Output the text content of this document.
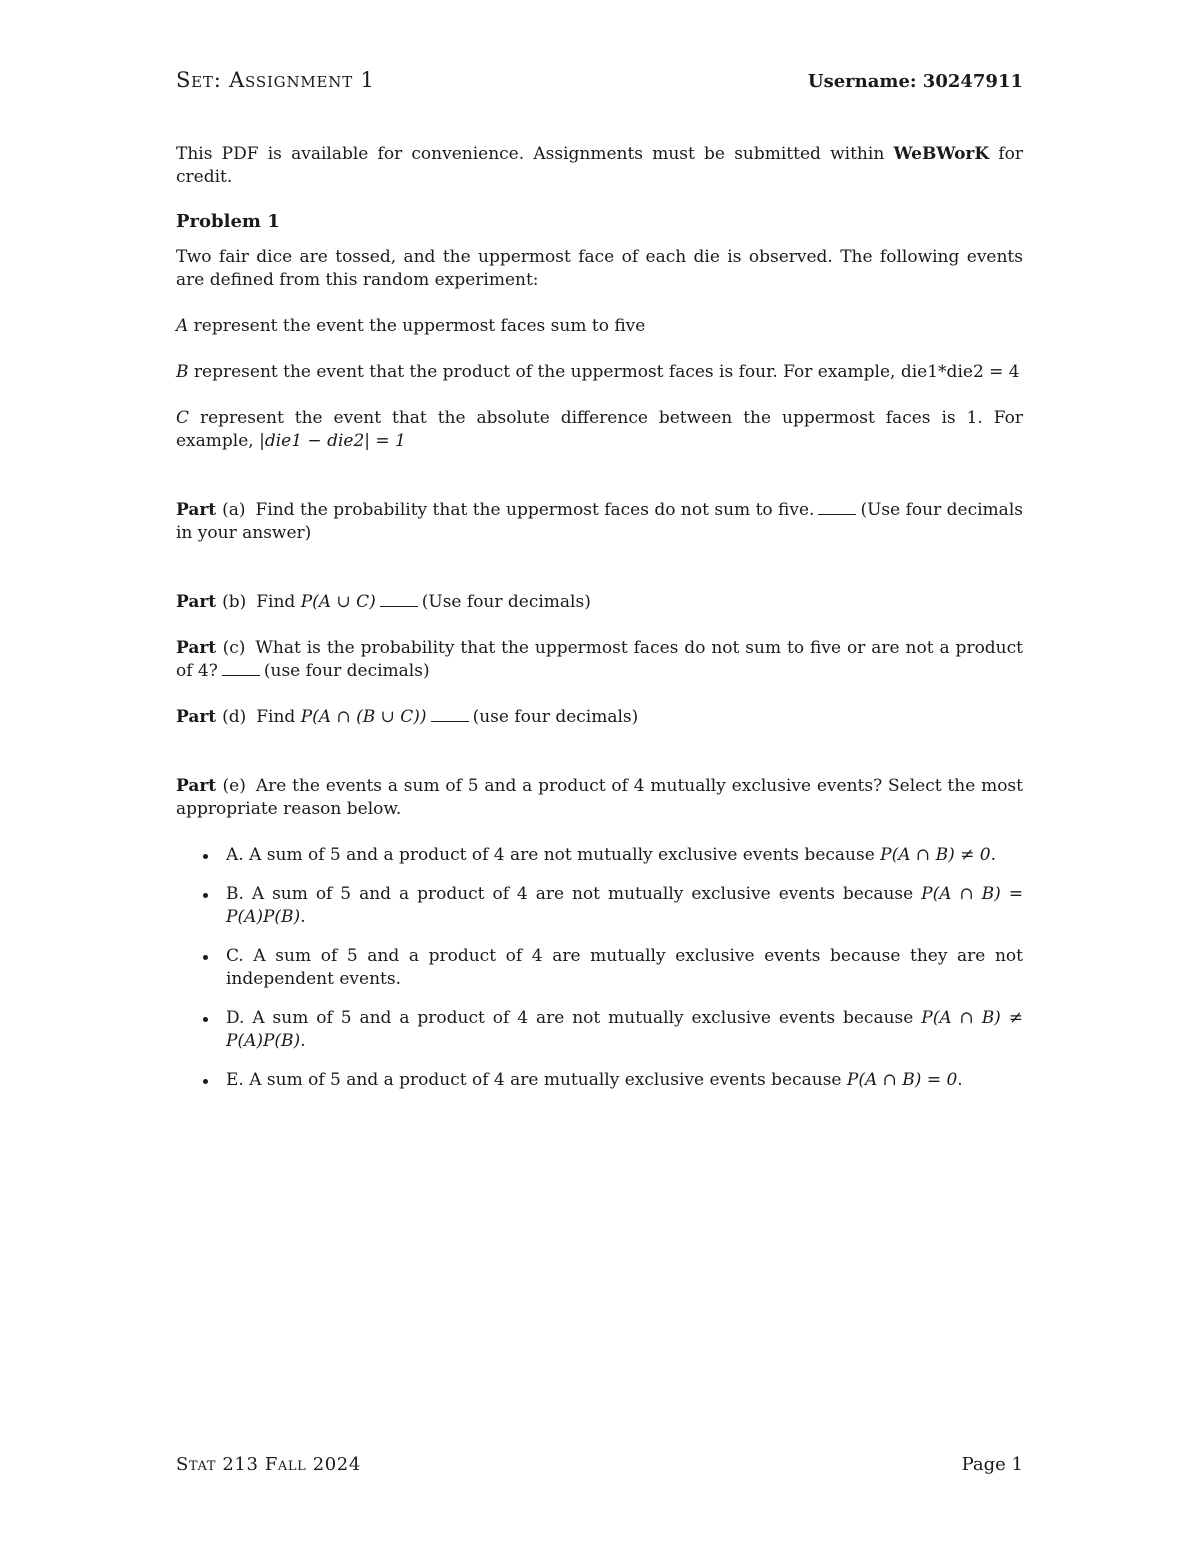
Set: Assignment 1	Username: 30247911

This PDF is available for convenience. Assignments must be submitted within WeBWorK for credit.

Problem 1

Two fair dice are tossed, and the uppermost face of each die is observed. The following events are defined from this random experiment:

A represent the event the uppermost faces sum to five

B represent the event that the product of the uppermost faces is four. For example, die1*die2 = 4

C represent the event that the absolute difference between the uppermost faces is 1. For example, |die1 − die2| = 1

Part (a) Find the probability that the uppermost faces do not sum to five.	(Use four decimals in your answer)

Part (b) Find P(A ∪ C)	(Use four decimals)

Part (c) What is the probability that the uppermost faces do not sum to five or are not a product of 4?	(use four decimals)

Part (d) Find P(A ∩ (B ∪ C))	(use four decimals)

Part (e) Are the events a sum of 5 and a product of 4 mutually exclusive events? Select the most appropriate reason below.

A. A sum of 5 and a product of 4 are not mutually exclusive events because P(A ∩ B) ≠ 0.
B. A sum of 5 and a product of 4 are not mutually exclusive events because P(A ∩ B) = P(A)P(B).
C. A sum of 5 and a product of 4 are mutually exclusive events because they are not independent events.
D. A sum of 5 and a product of 4 are not mutually exclusive events because P(A ∩ B) ≠ P(A)P(B).
E. A sum of 5 and a product of 4 are mutually exclusive events because P(A ∩ B) = 0.
Stat 213 Fall 2024	Page 1
